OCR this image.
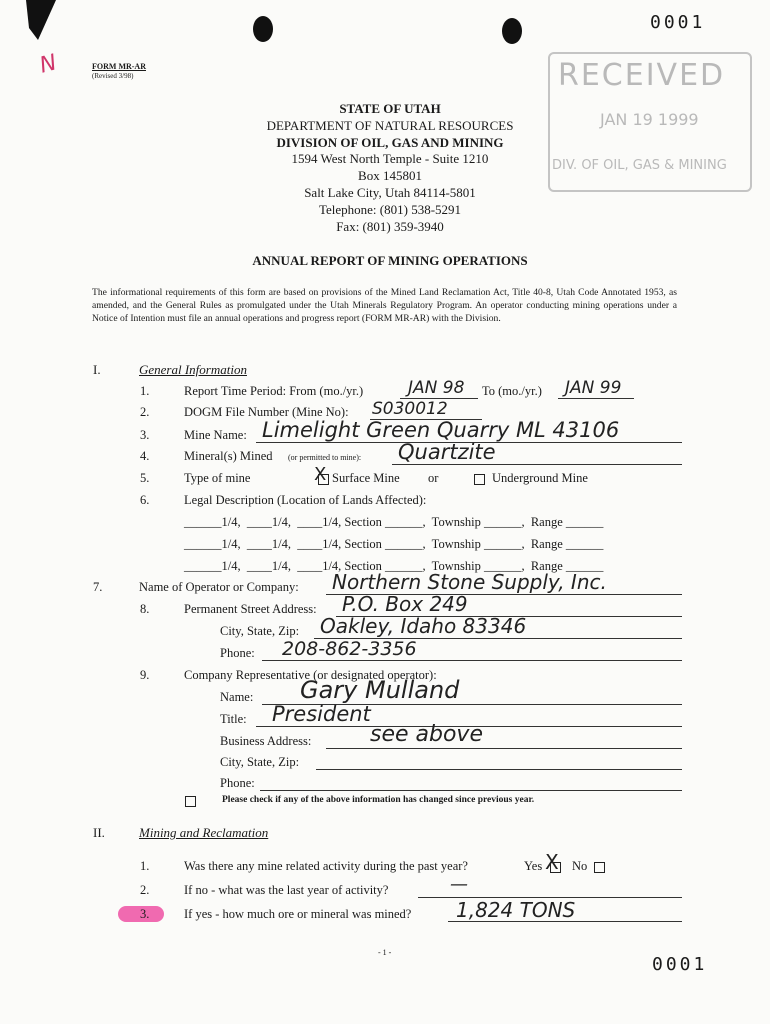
0001
N	FORM MR-AR
(Revised 3/98)	RECEIVED
JAN 19 1999
DIV. OF OIL, GAS & MINING
STATE OF UTAH
DEPARTMENT OF NATURAL RESOURCES
DIVISION OF OIL, GAS AND MINING
1594 West North Temple - Suite 1210
Box 145801
Salt Lake City, Utah 84114-5801
Telephone: (801) 538-5291
Fax: (801) 359-3940
ANNUAL REPORT OF MINING OPERATIONS
The informational requirements of this form are based on provisions of the Mined Land Reclamation Act, Title 40-8, Utah Code Annotated 1953, as amended, and the General Rules as promulgated under the Utah Minerals Regulatory Program. An operator conducting mining operations under a Notice of Intention must file an annual operations and progress report (FORM MR-AR) with the Division.
I.	General Information
1.	Report Time Period: From (mo./yr.)	JAN 98 To (mo./yr.) JAN 99
2.	DOGM File Number (Mine No): S030012
3.	Mine Name: Limelight Green Quarry ML 43106
4.	Mineral(s) Mined (or permitted to mine): Quartzite
5.	Type of mine	X Surface Mine or	Underground Mine
6.	Legal Description (Location of Lands Affected):
______1/4,  ____1/4,  ____1/4, Section ______,  Township ______,  Range ______
______1/4,  ____1/4,  ____1/4, Section ______,  Township ______,  Range ______
______1/4,  ____1/4,  ____1/4, Section ______,  Township ______,  Range ______
7.	Name of Operator or Company: Northern Stone Supply, Inc.
8.	Permanent Street Address: P.O. Box 249
City, State, Zip: Oakley, Idaho 83346
Phone: 208-862-3356
9.	Company Representative (or designated operator):
Name: Gary Mulland
Title: President
Business Address:	see above
City, State, Zip:
Phone:
Please check if any of the above information has changed since previous year.
II.	Mining and Reclamation
1.	Was there any mine related activity during the past year?	Yes X No
2.	If no - what was the last year of activity?	—
3.	If yes - how much ore or mineral was mined? 1,824 TONS
- 1 -
0001
